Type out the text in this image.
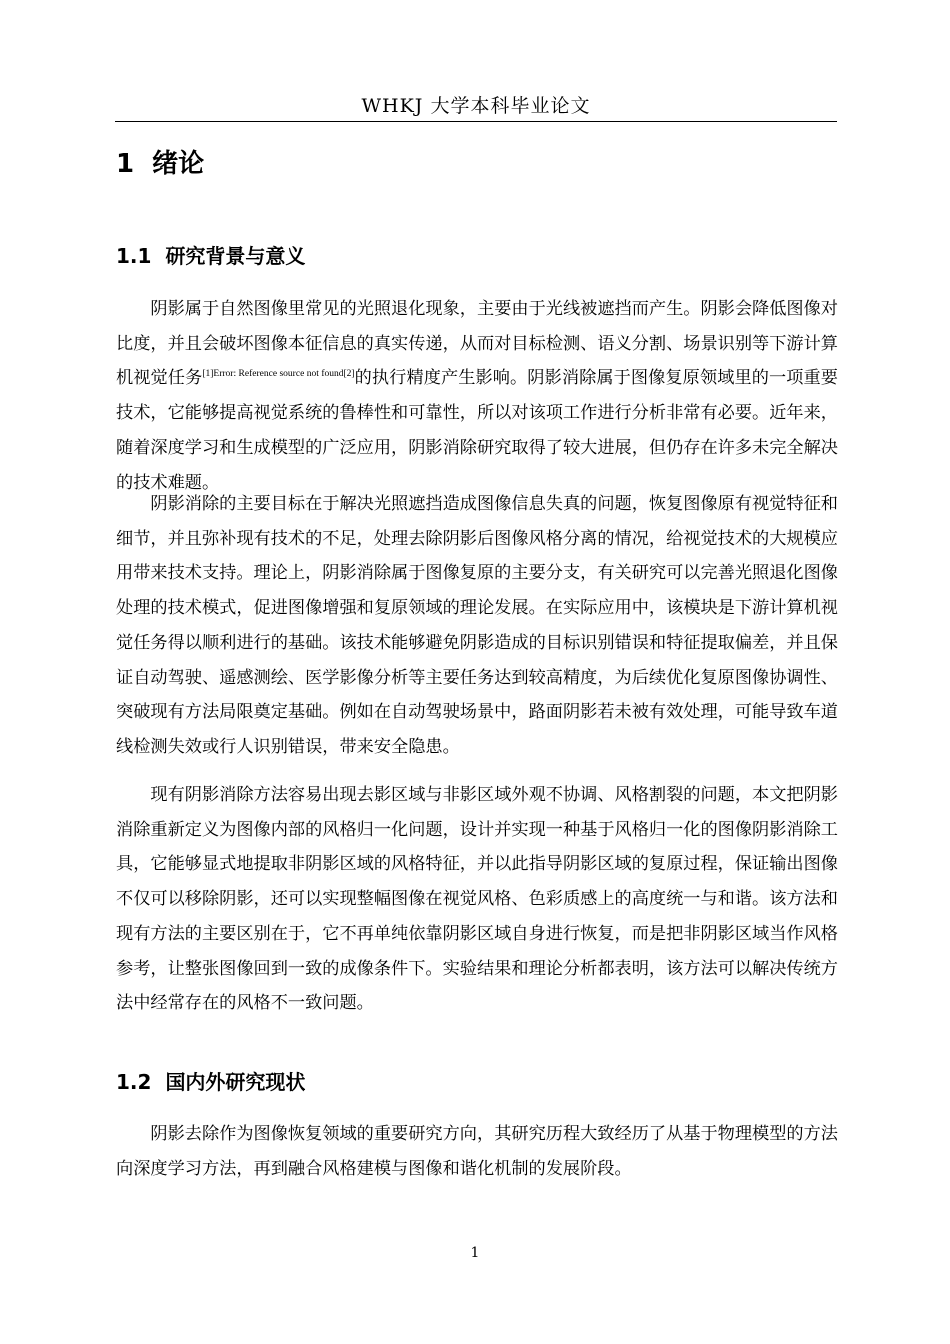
WHKJ 大学本科毕业论文
1 绪论
1.1 研究背景与意义

阴影属于自然图像里常见的光照退化现象，主要由于光线被遮挡而产生。阴影会降低图像对比度，并且会破坏图像本征信息的真实传递，从而对目标检测、语义分割、场景识别等下游计算机视觉任务[1]Error: Reference source not found[2]的执行精度产生影响。阴影消除属于图像复原领域里的一项重要技术，它能够提高视觉系统的鲁棒性和可靠性，所以对该项工作进行分析非常有必要。近年来，随着深度学习和生成模型的广泛应用，阴影消除研究取得了较大进展，但仍存在许多未完全解决的技术难题。

阴影消除的主要目标在于解决光照遮挡造成图像信息失真的问题，恢复图像原有视觉特征和细节，并且弥补现有技术的不足，处理去除阴影后图像风格分离的情况，给视觉技术的大规模应用带来技术支持。理论上，阴影消除属于图像复原的主要分支，有关研究可以完善光照退化图像处理的技术模式，促进图像增强和复原领域的理论发展。在实际应用中，该模块是下游计算机视觉任务得以顺利进行的基础。该技术能够避免阴影造成的目标识别错误和特征提取偏差，并且保证自动驾驶、遥感测绘、医学影像分析等主要任务达到较高精度，为后续优化复原图像协调性、突破现有方法局限奠定基础。例如在自动驾驶场景中，路面阴影若未被有效处理，可能导致车道线检测失效或行人识别错误，带来安全隐患。

现有阴影消除方法容易出现去影区域与非影区域外观不协调、风格割裂的问题，本文把阴影消除重新定义为图像内部的风格归一化问题，设计并实现一种基于风格归一化的图像阴影消除工具，它能够显式地提取非阴影区域的风格特征，并以此指导阴影区域的复原过程，保证输出图像不仅可以移除阴影，还可以实现整幅图像在视觉风格、色彩质感上的高度统一与和谐。该方法和现有方法的主要区别在于，它不再单纯依靠阴影区域自身进行恢复，而是把非阴影区域当作风格参考，让整张图像回到一致的成像条件下。实验结果和理论分析都表明，该方法可以解决传统方法中经常存在的风格不一致问题。

1.2 国内外研究现状

阴影去除作为图像恢复领域的重要研究方向，其研究历程大致经历了从基于物理模型的方法向深度学习方法，再到融合风格建模与图像和谐化机制的发展阶段。

1
